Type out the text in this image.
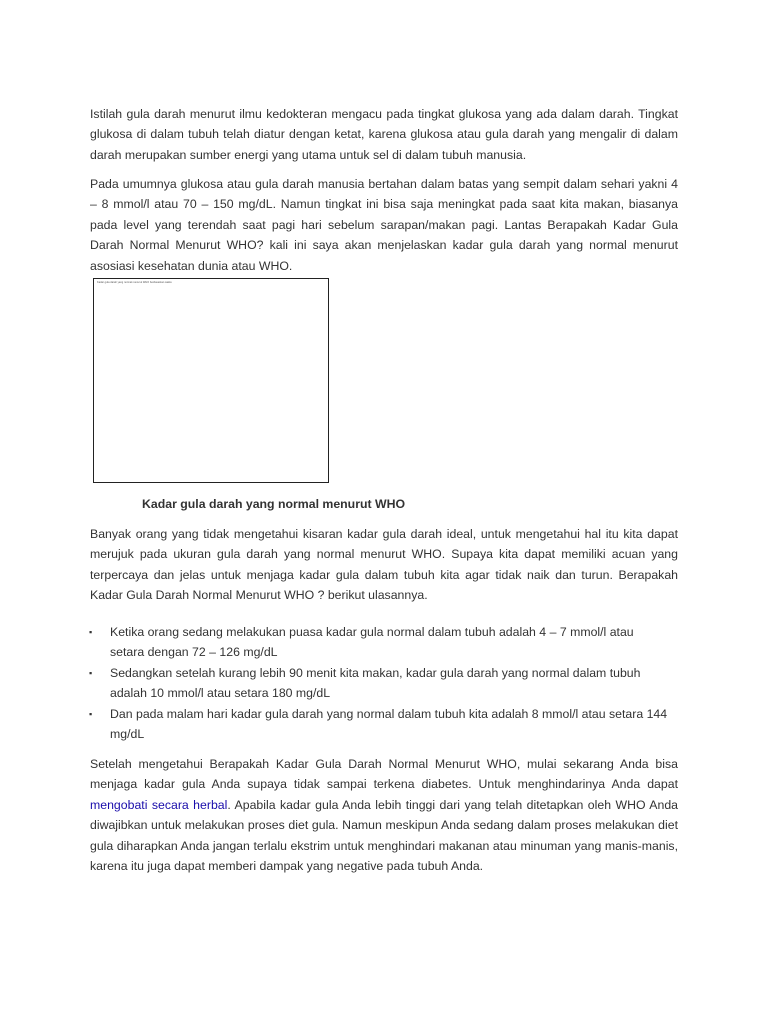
Istilah gula darah menurut ilmu kedokteran mengacu pada tingkat glukosa yang ada dalam darah. Tingkat glukosa di dalam tubuh telah diatur dengan ketat, karena glukosa atau gula darah yang mengalir di dalam darah merupakan sumber energi yang utama untuk sel di dalam tubuh manusia.

Pada umumnya glukosa atau gula darah manusia bertahan dalam batas yang sempit dalam sehari yakni 4 – 8 mmol/l atau 70 – 150 mg/dL. Namun tingkat ini bisa saja meningkat pada saat kita makan, biasanya pada level yang terendah saat pagi hari sebelum sarapan/makan pagi. Lantas Berapakah Kadar Gula Darah Normal Menurut WHO? kali ini saya akan menjelaskan kadar gula darah yang normal menurut asosiasi kesehatan dunia atau WHO.

Kadar gula darah yang normal menurut WHO berdasarkan waktu
Kadar gula darah yang normal menurut WHO

Banyak orang yang tidak mengetahui kisaran kadar gula darah ideal, untuk mengetahui hal itu kita dapat merujuk pada ukuran gula darah yang normal menurut WHO. Supaya kita dapat memiliki acuan yang terpercaya dan jelas untuk menjaga kadar gula dalam tubuh kita agar tidak naik dan turun. Berapakah Kadar Gula Darah Normal Menurut WHO ? berikut ulasannya.

▪ Ketika orang sedang melakukan puasa kadar gula normal dalam tubuh adalah 4 – 7 mmol/l atau setara dengan 72 – 126 mg/dL
▪ Sedangkan setelah kurang lebih 90 menit kita makan, kadar gula darah yang normal dalam tubuh adalah 10 mmol/l atau setara 180 mg/dL
▪ Dan pada malam hari kadar gula darah yang normal dalam tubuh kita adalah 8 mmol/l atau setara 144 mg/dL

Setelah mengetahui Berapakah Kadar Gula Darah Normal Menurut WHO, mulai sekarang Anda bisa menjaga kadar gula Anda supaya tidak sampai terkena diabetes. Untuk menghindarinya Anda dapat mengobati secara herbal. Apabila kadar gula Anda lebih tinggi dari yang telah ditetapkan oleh WHO Anda diwajibkan untuk melakukan proses diet gula. Namun meskipun Anda sedang dalam proses melakukan diet gula diharapkan Anda jangan terlalu ekstrim untuk menghindari makanan atau minuman yang manis-manis, karena itu juga dapat memberi dampak yang negative pada tubuh Anda.
